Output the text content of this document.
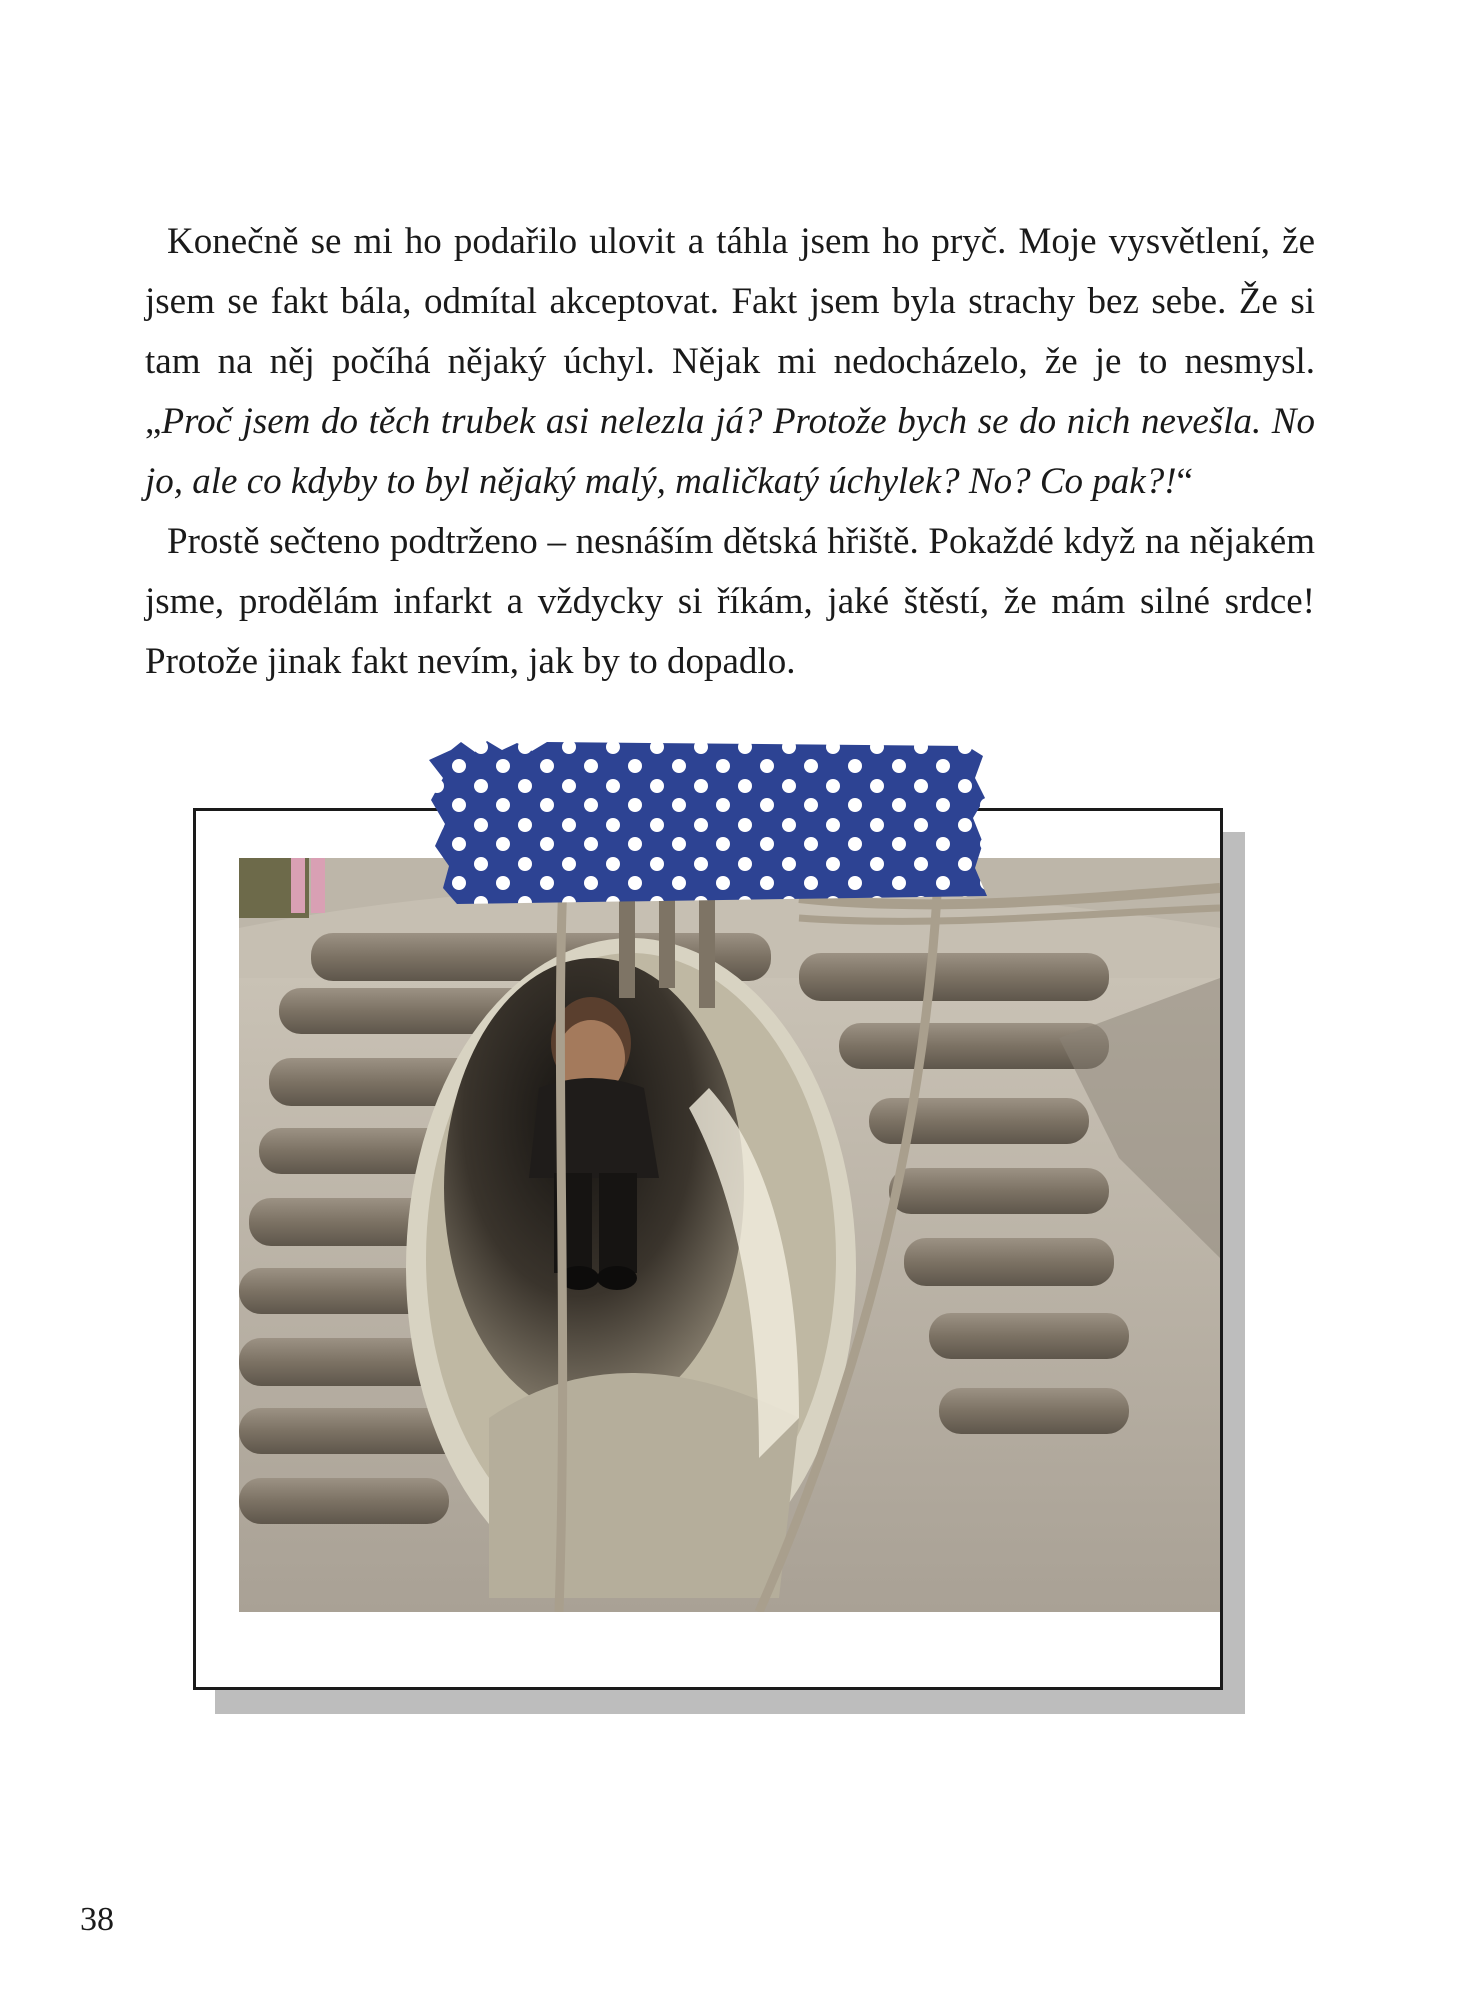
Konečně se mi ho podařilo ulovit a táhla jsem ho pryč. Moje vysvětlení, že jsem se fakt bála, odmítal akceptovat. Fakt jsem byla strachy bez sebe. Že si tam na něj počíhá nějaký úchyl. Nějak mi nedocházelo, že je to nesmysl. „Proč jsem do těch trubek asi nelezla já? Protože bych se do nich nevešla. No jo, ale co kdyby to byl nějaký malý, maličkatý úchylek? No? Co pak?!“

Prostě sečteno podtrženo – nesnáším dětská hřiště. Pokaždé když na nějakém jsme, prodělám infarkt a vždycky si říkám, jaké štěstí, že mám silné srdce! Protože jinak fakt nevím, jak by to dopadlo.

38
